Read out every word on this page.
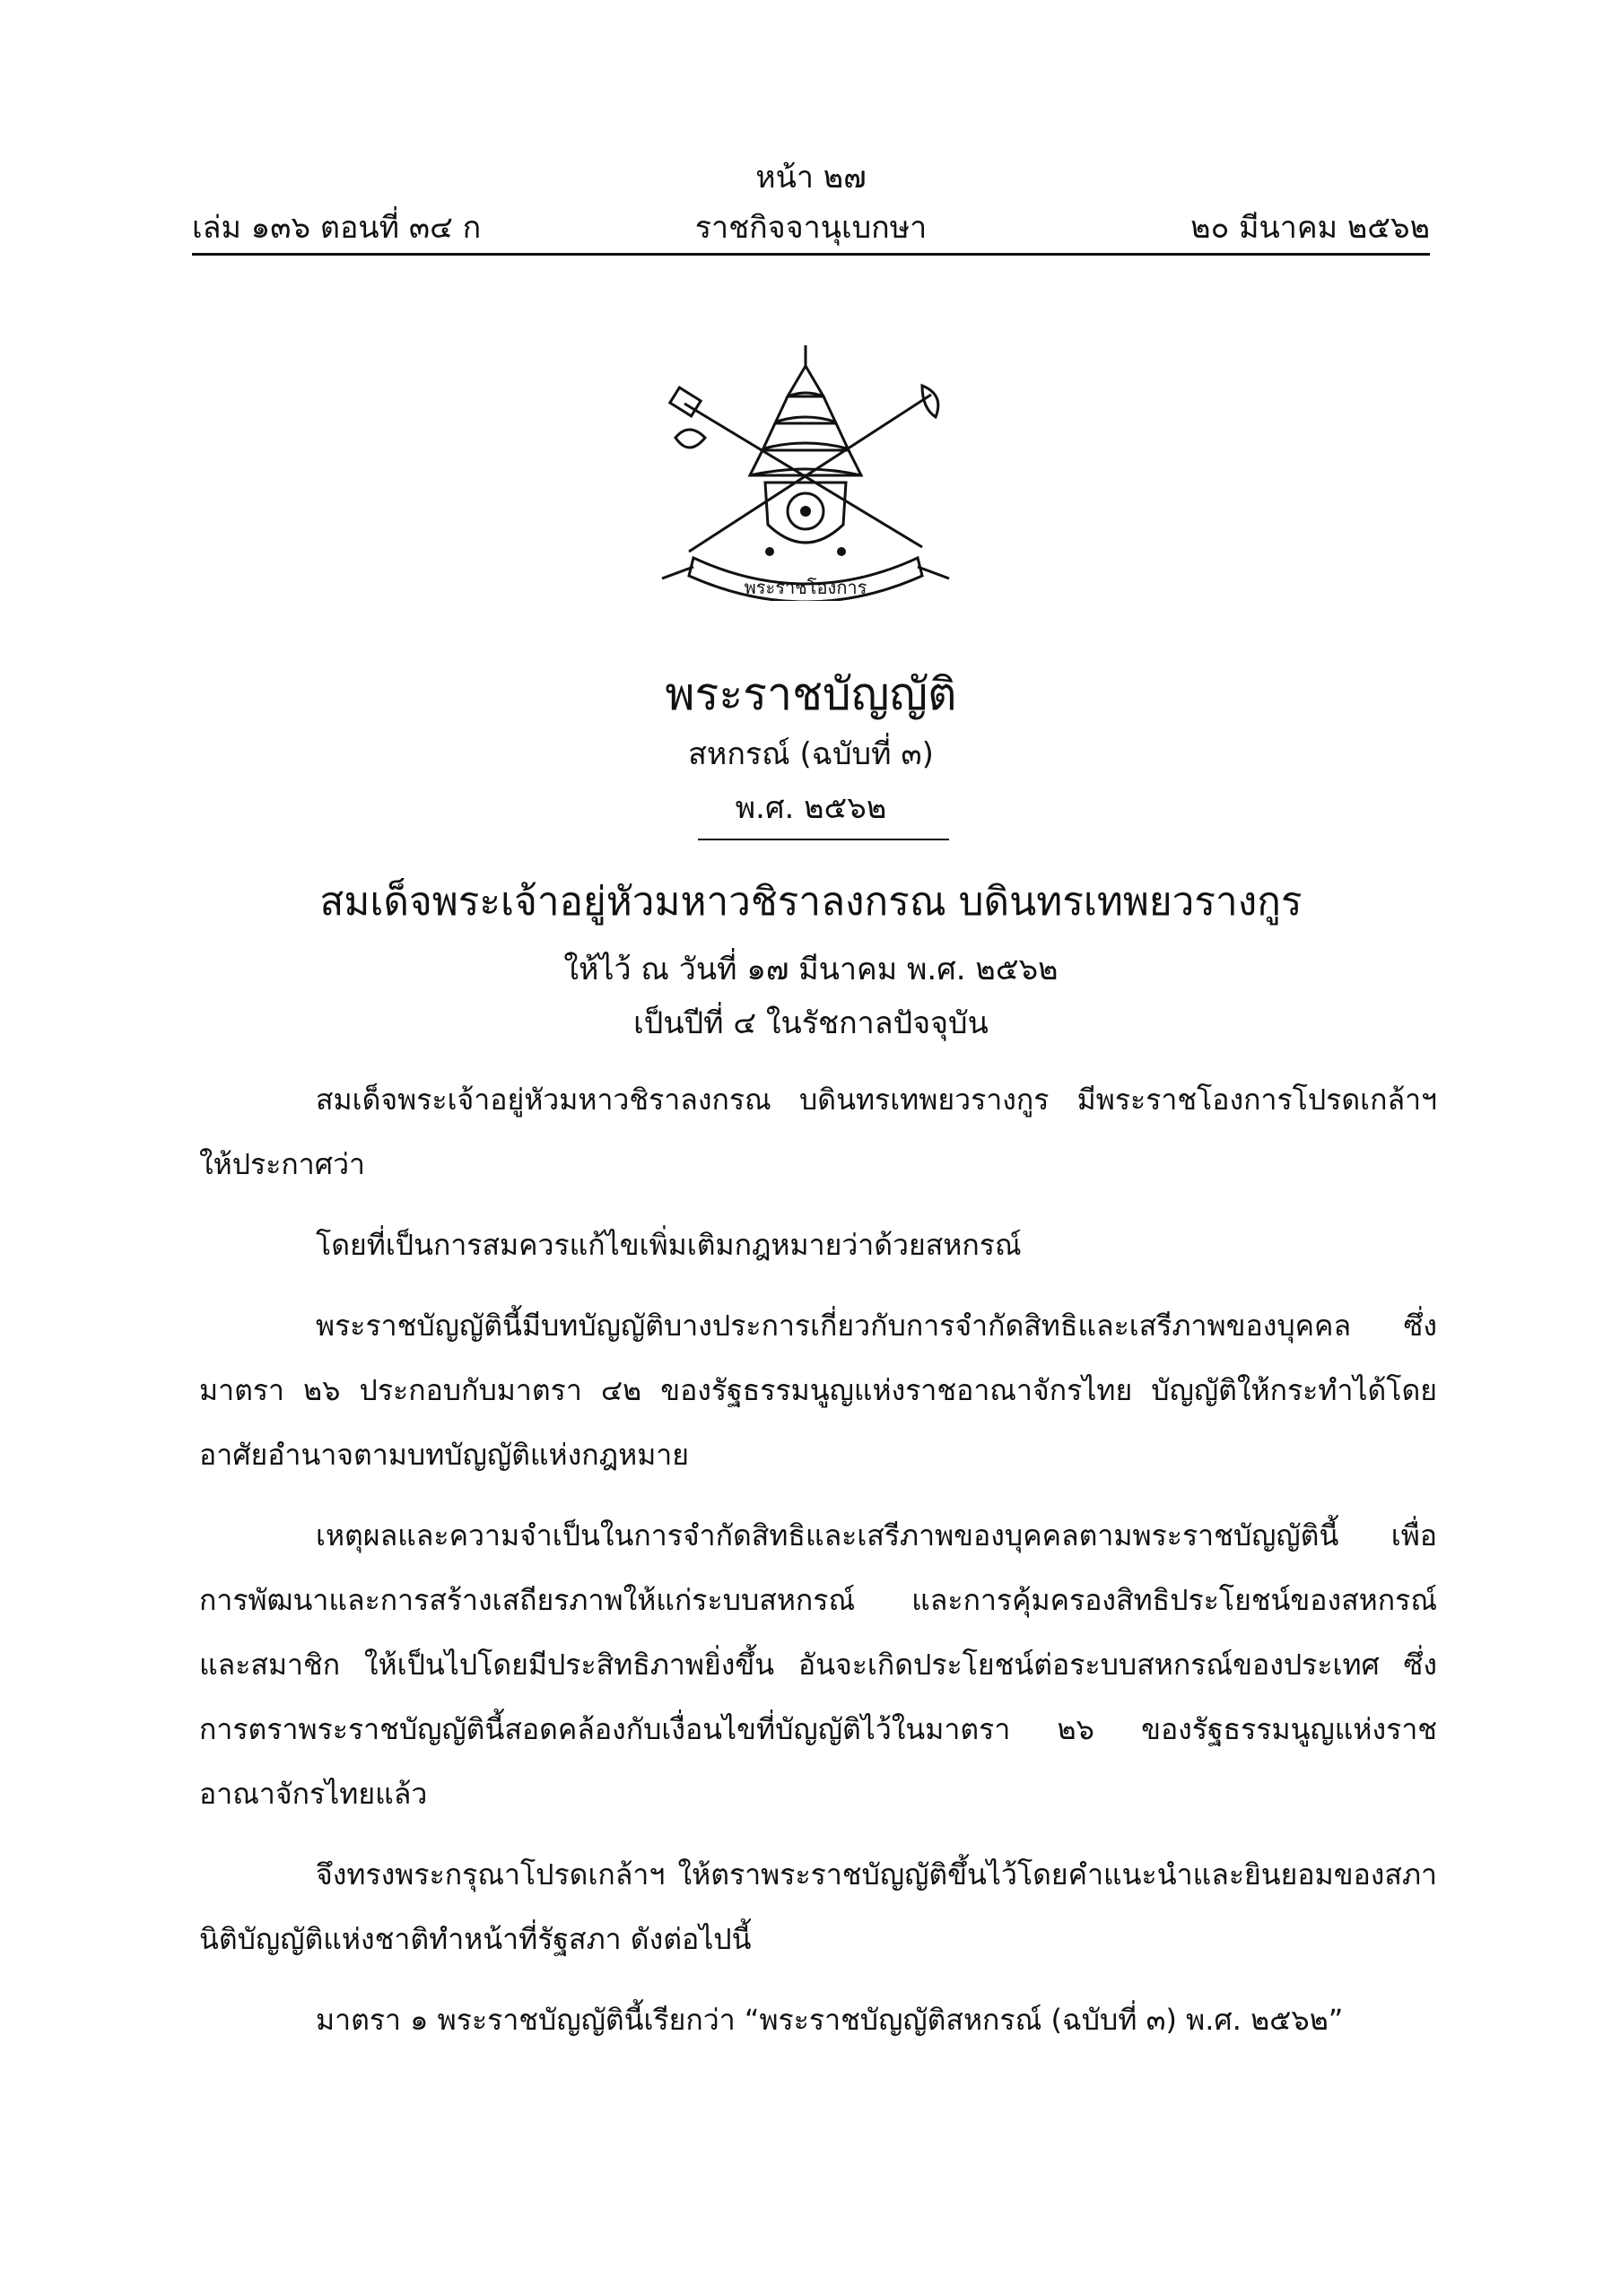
หน้า ๒๗
เล่ม ๑๓๖ ตอนที่ ๓๔ ก	ราชกิจจานุเบกษา	๒๐ มีนาคม ๒๕๖๒
พระราชโองการ
พระราชบัญญัติ
สหกรณ์ (ฉบับที่ ๓)
พ.ศ. ๒๕๖๒
สมเด็จพระเจ้าอยู่หัวมหาวชิราลงกรณ บดินทรเทพยวรางกูร
ให้ไว้ ณ วันที่ ๑๗ มีนาคม พ.ศ. ๒๕๖๒
เป็นปีที่ ๔ ในรัชกาลปัจจุบัน

สมเด็จพระเจ้าอยู่หัวมหาวชิราลงกรณ บดินทรเทพยวรางกูร มีพระราชโองการโปรดเกล้าฯ ให้ประกาศว่า

โดยที่เป็นการสมควรแก้ไขเพิ่มเติมกฎหมายว่าด้วยสหกรณ์

พระราชบัญญัตินี้มีบทบัญญัติบางประการเกี่ยวกับการจำกัดสิทธิและเสรีภาพของบุคคล ซึ่งมาตรา ๒๖ ประกอบกับมาตรา ๔๒ ของรัฐธรรมนูญแห่งราชอาณาจักรไทย บัญญัติให้กระทำได้โดยอาศัยอำนาจตามบทบัญญัติแห่งกฎหมาย

เหตุผลและความจำเป็นในการจำกัดสิทธิและเสรีภาพของบุคคลตามพระราชบัญญัตินี้ เพื่อการพัฒนาและการสร้างเสถียรภาพให้แก่ระบบสหกรณ์ และการคุ้มครองสิทธิประโยชน์ของสหกรณ์และสมาชิก ให้เป็นไปโดยมีประสิทธิภาพยิ่งขึ้น อันจะเกิดประโยชน์ต่อระบบสหกรณ์ของประเทศ ซึ่งการตราพระราชบัญญัตินี้สอดคล้องกับเงื่อนไขที่บัญญัติไว้ในมาตรา ๒๖ ของรัฐธรรมนูญแห่งราชอาณาจักรไทยแล้ว

จึงทรงพระกรุณาโปรดเกล้าฯ ให้ตราพระราชบัญญัติขึ้นไว้โดยคำแนะนำและยินยอมของสภานิติบัญญัติแห่งชาติทำหน้าที่รัฐสภา ดังต่อไปนี้

มาตรา ๑ พระราชบัญญัตินี้เรียกว่า “พระราชบัญญัติสหกรณ์ (ฉบับที่ ๓) พ.ศ. ๒๕๖๒”
